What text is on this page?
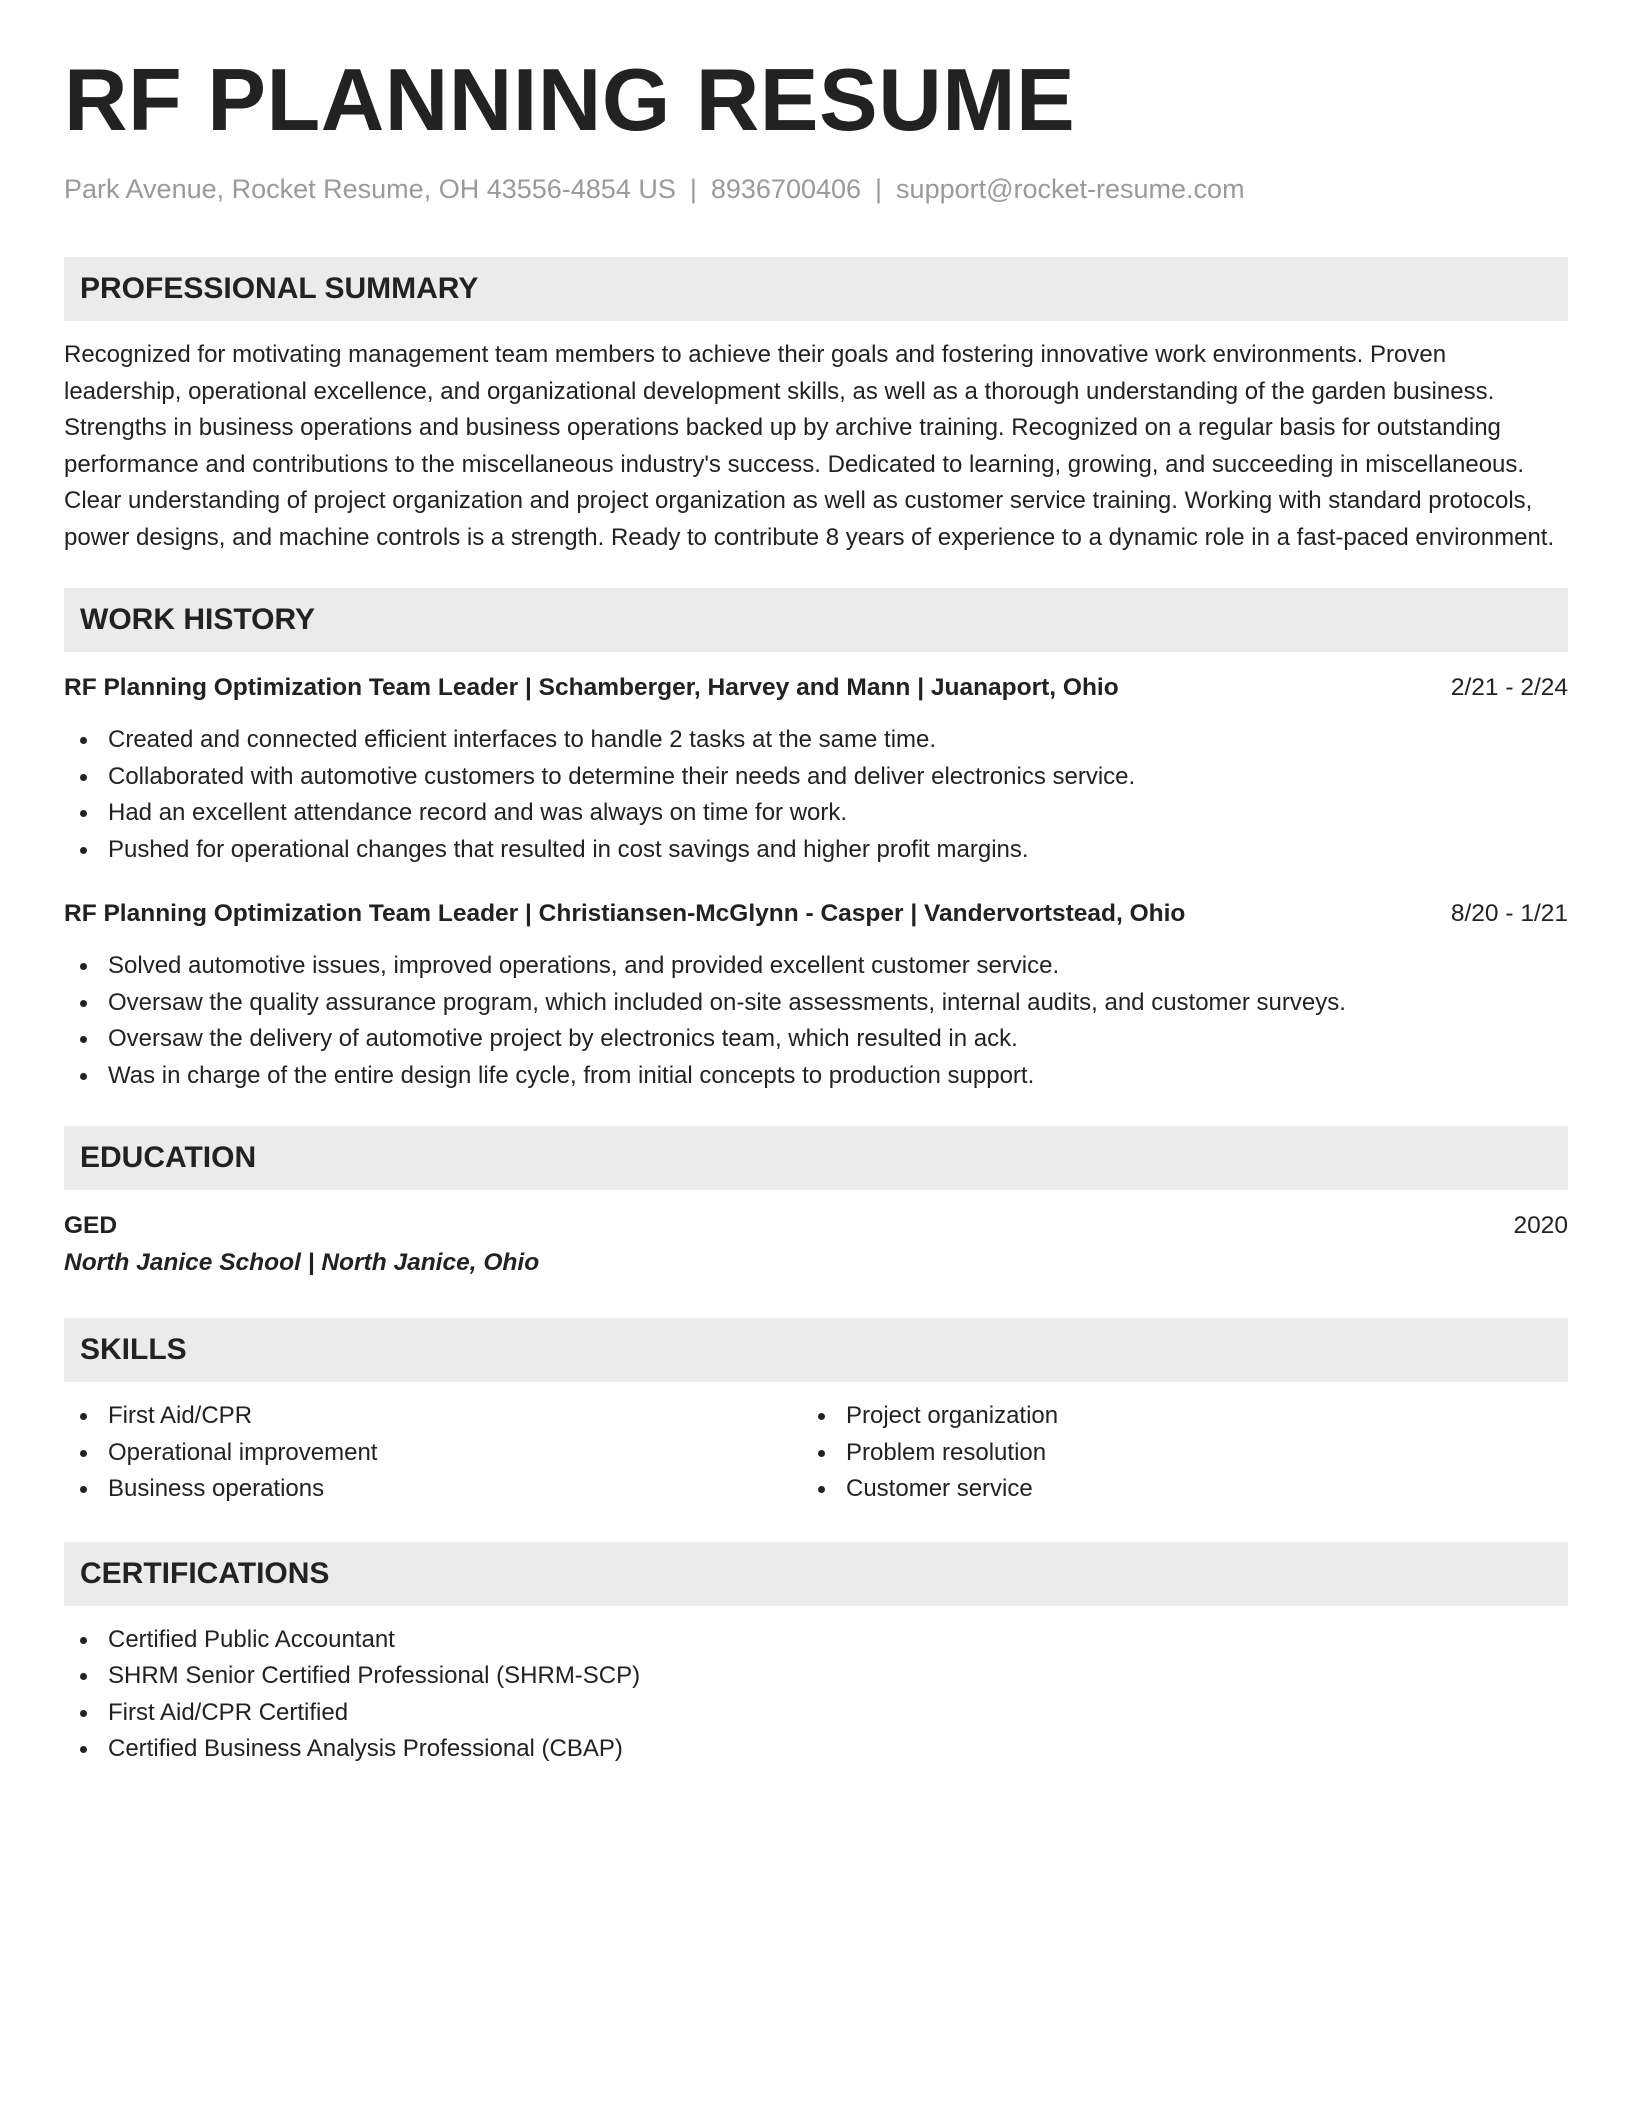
RF PLANNING RESUME
Park Avenue, Rocket Resume, OH 43556-4854 US | 8936700406 | support@rocket-resume.com
PROFESSIONAL SUMMARY
Recognized for motivating management team members to achieve their goals and fostering innovative work environments. Proven leadership, operational excellence, and organizational development skills, as well as a thorough understanding of the garden business. Strengths in business operations and business operations backed up by archive training. Recognized on a regular basis for outstanding performance and contributions to the miscellaneous industry's success. Dedicated to learning, growing, and succeeding in miscellaneous. Clear understanding of project organization and project organization as well as customer service training. Working with standard protocols, power designs, and machine controls is a strength. Ready to contribute 8 years of experience to a dynamic role in a fast-paced environment.
WORK HISTORY
RF Planning Optimization Team Leader | Schamberger, Harvey and Mann | Juanaport, Ohio	2/21 - 2/24
Created and connected efficient interfaces to handle 2 tasks at the same time.
Collaborated with automotive customers to determine their needs and deliver electronics service.
Had an excellent attendance record and was always on time for work.
Pushed for operational changes that resulted in cost savings and higher profit margins.
RF Planning Optimization Team Leader | Christiansen-McGlynn - Casper | Vandervortstead, Ohio	8/20 - 1/21
Solved automotive issues, improved operations, and provided excellent customer service.
Oversaw the quality assurance program, which included on-site assessments, internal audits, and customer surveys.
Oversaw the delivery of automotive project by electronics team, which resulted in ack.
Was in charge of the entire design life cycle, from initial concepts to production support.
EDUCATION
GED	2020
North Janice School | North Janice, Ohio
SKILLS
First Aid/CPR
Operational improvement
Business operations
Project organization
Problem resolution
Customer service
CERTIFICATIONS
Certified Public Accountant
SHRM Senior Certified Professional (SHRM-SCP)
First Aid/CPR Certified
Certified Business Analysis Professional (CBAP)
